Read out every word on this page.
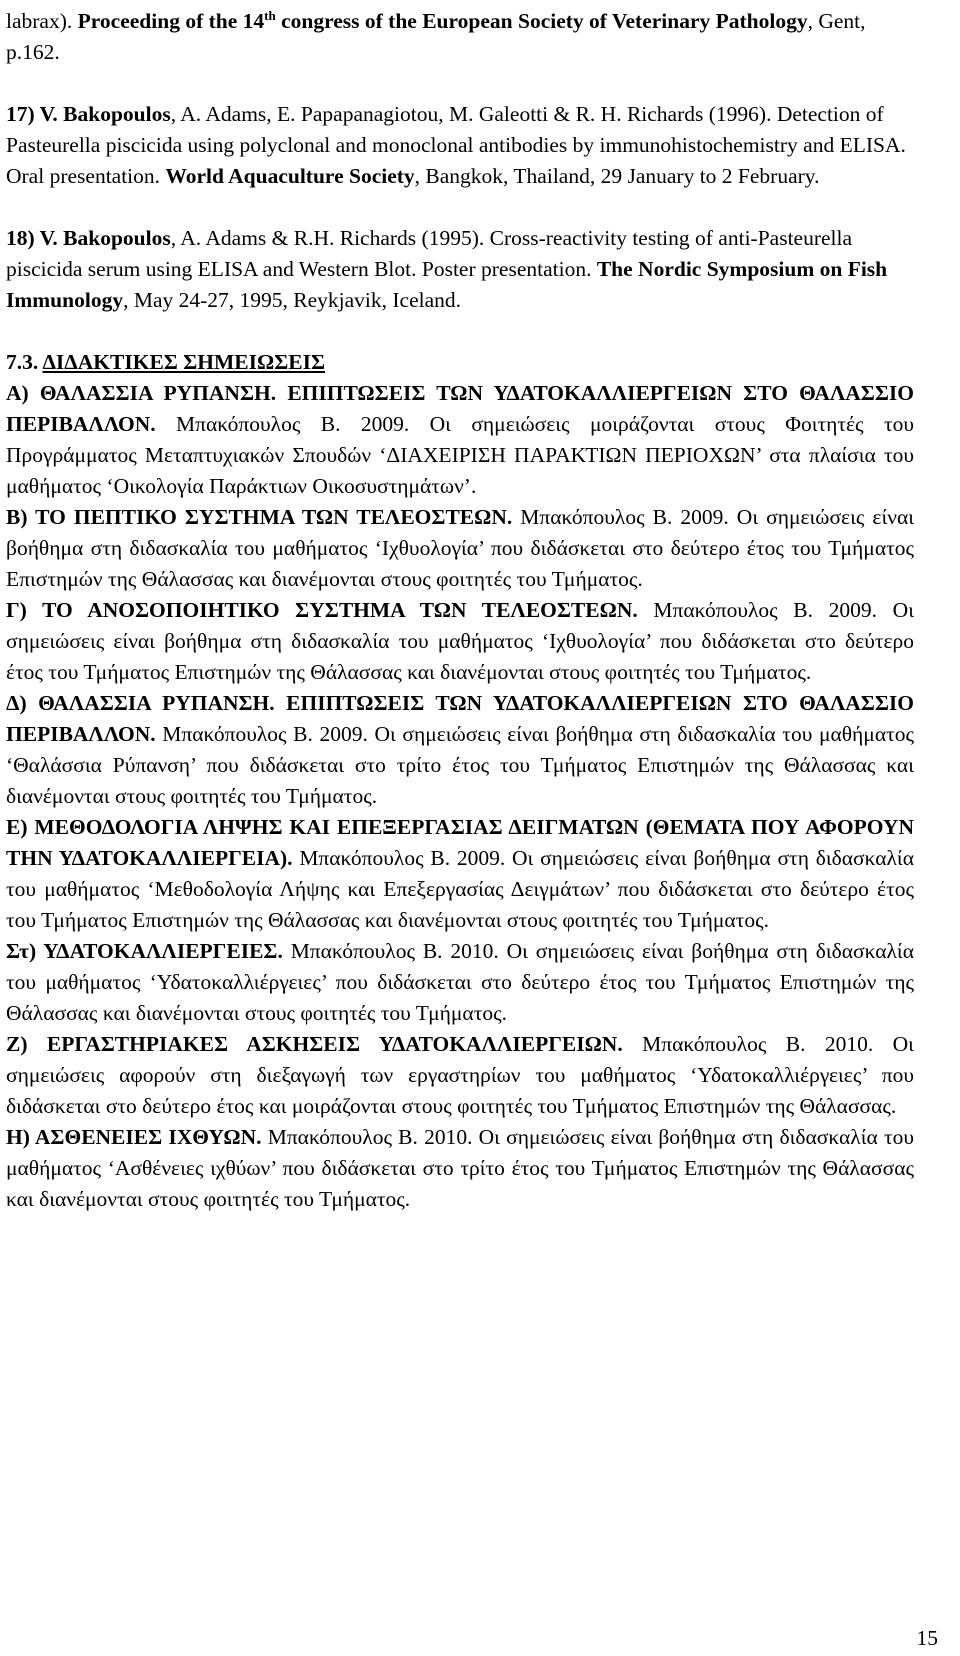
labrax). Proceeding of the 14th congress of the European Society of Veterinary Pathology, Gent, p.162.

17) V. Bakopoulos, A. Adams, E. Papapanagiotou, M. Galeotti & R. H. Richards (1996). Detection of Pasteurella piscicida using polyclonal and monoclonal antibodies by immunohistochemistry and ELISA. Oral presentation. World Aquaculture Society, Bangkok, Thailand, 29 January to 2 February.

18) V. Bakopoulos, A. Adams & R.H. Richards (1995). Cross-reactivity testing of anti-Pasteurella piscicida serum using ELISA and Western Blot. Poster presentation. The Nordic Symposium on Fish Immunology, May 24-27, 1995, Reykjavik, Iceland.

7.3. ΔΙΔΑΚΤΙΚΕΣ ΣΗΜΕΙΩΣΕΙΣ

Α) ΘΑΛΑΣΣΙΑ ΡΥΠΑΝΣΗ. ΕΠΙΠΤΩΣΕΙΣ ΤΩΝ ΥΔΑΤΟΚΑΛΛΙΕΡΓΕΙΩΝ ΣΤΟ ΘΑΛΑΣΣΙΟ ΠΕΡΙΒΑΛΛΟΝ. Μπακόπουλος Β. 2009. Οι σημειώσεις μοιράζονται στους Φοιτητές του Προγράμματος Μεταπτυχιακών Σπουδών ‘ΔΙΑΧΕΙΡΙΣΗ ΠΑΡΑΚΤΙΩΝ ΠΕΡΙΟΧΩΝ’ στα πλαίσια του μαθήματος ‘Οικολογία Παράκτιων Οικοσυστημάτων’.

Β) ΤΟ ΠΕΠΤΙΚΟ ΣΥΣΤΗΜΑ ΤΩΝ ΤΕΛΕΟΣΤΕΩΝ. Μπακόπουλος Β. 2009. Οι σημειώσεις είναι βοήθημα στη διδασκαλία του μαθήματος ‘Ιχθυολογία’ που διδάσκεται στο δεύτερο έτος του Τμήματος Επιστημών της Θάλασσας και διανέμονται στους φοιτητές του Τμήματος.

Γ) ΤΟ ΑΝΟΣΟΠΟΙΗΤΙΚΟ ΣΥΣΤΗΜΑ ΤΩΝ ΤΕΛΕΟΣΤΕΩΝ. Μπακόπουλος Β. 2009. Οι σημειώσεις είναι βοήθημα στη διδασκαλία του μαθήματος ‘Ιχθυολογία’ που διδάσκεται στο δεύτερο έτος του Τμήματος Επιστημών της Θάλασσας και διανέμονται στους φοιτητές του Τμήματος.

Δ) ΘΑΛΑΣΣΙΑ ΡΥΠΑΝΣΗ. ΕΠΙΠΤΩΣΕΙΣ ΤΩΝ ΥΔΑΤΟΚΑΛΛΙΕΡΓΕΙΩΝ ΣΤΟ ΘΑΛΑΣΣΙΟ ΠΕΡΙΒΑΛΛΟΝ. Μπακόπουλος Β. 2009. Οι σημειώσεις είναι βοήθημα στη διδασκαλία του μαθήματος ‘Θαλάσσια Ρύπανση’ που διδάσκεται στο τρίτο έτος του Τμήματος Επιστημών της Θάλασσας και διανέμονται στους φοιτητές του Τμήματος.

Ε) ΜΕΘΟΔΟΛΟΓΙΑ ΛΗΨΗΣ ΚΑΙ ΕΠΕΞΕΡΓΑΣΙΑΣ ΔΕΙΓΜΑΤΩΝ (ΘΕΜΑΤΑ ΠΟΥ ΑΦΟΡΟΥΝ ΤΗΝ ΥΔΑΤΟΚΑΛΛΙΕΡΓΕΙΑ). Μπακόπουλος Β. 2009. Οι σημειώσεις είναι βοήθημα στη διδασκαλία του μαθήματος ‘Μεθοδολογία Λήψης και Επεξεργασίας Δειγμάτων’ που διδάσκεται στο δεύτερο έτος του Τμήματος Επιστημών της Θάλασσας και διανέμονται στους φοιτητές του Τμήματος.

Στ) ΥΔΑΤΟΚΑΛΛΙΕΡΓΕΙΕΣ. Μπακόπουλος Β. 2010. Οι σημειώσεις είναι βοήθημα στη διδασκαλία του μαθήματος ‘Υδατοκαλλιέργειες’ που διδάσκεται στο δεύτερο έτος του Τμήματος Επιστημών της Θάλασσας και διανέμονται στους φοιτητές του Τμήματος.

Ζ) ΕΡΓΑΣΤΗΡΙΑΚΕΣ ΑΣΚΗΣΕΙΣ ΥΔΑΤΟΚΑΛΛΙΕΡΓΕΙΩΝ. Μπακόπουλος Β. 2010. Οι σημειώσεις αφορούν στη διεξαγωγή των εργαστηρίων του μαθήματος ‘Υδατοκαλλιέργειες’ που διδάσκεται στο δεύτερο έτος και μοιράζονται στους φοιτητές του Τμήματος Επιστημών της Θάλασσας.

Η) ΑΣΘΕΝΕΙΕΣ ΙΧΘΥΩΝ. Μπακόπουλος Β. 2010. Οι σημειώσεις είναι βοήθημα στη διδασκαλία του μαθήματος ‘Ασθένειες ιχθύων’ που διδάσκεται στο τρίτο έτος του Τμήματος Επιστημών της Θάλασσας και διανέμονται στους φοιτητές του Τμήματος.

15
